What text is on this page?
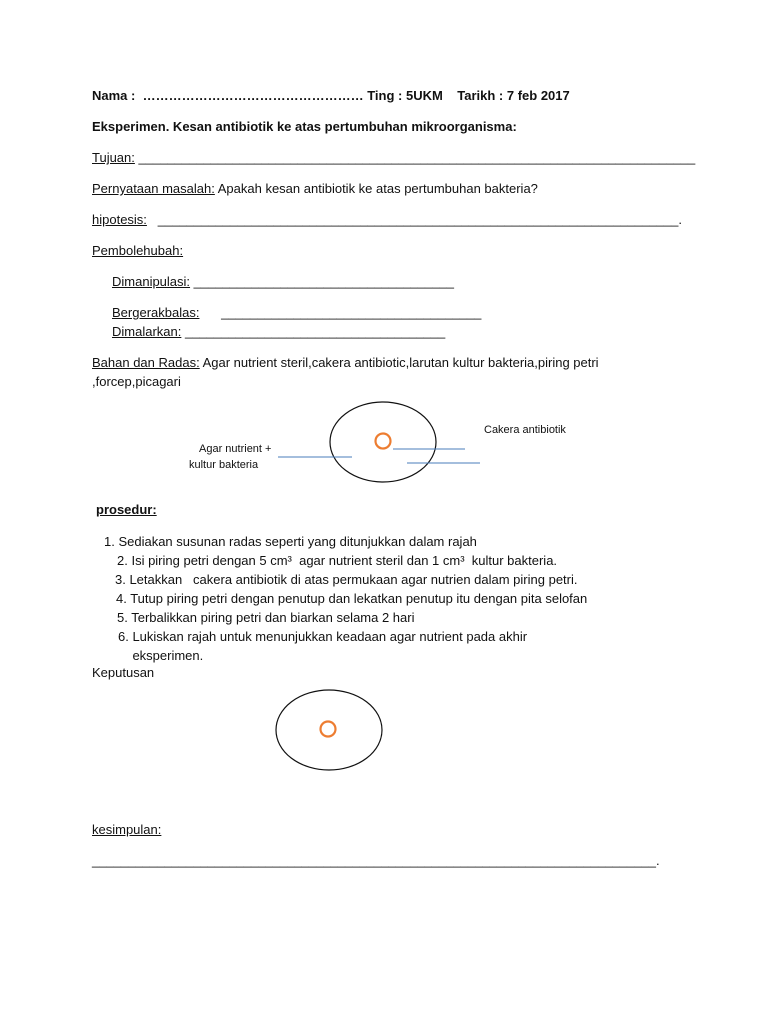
Nama : …………………………………………… Ting : 5UKM Tarikh : 7 feb 2017
Eksperimen. Kesan antibiotik ke atas pertumbuhan mikroorganisma:
Tujuan: _____________________________________________________________________________
Pernyataan masalah: Apakah kesan antibiotik ke atas pertumbuhan bakteria?
hipotesis:   ________________________________________________________________________.
Pembolehubah:
Dimanipulasi: ____________________________________
Bergerakbalas:      ____________________________________
Dimalarkan: ____________________________________
Bahan dan Radas: Agar nutrient steril,cakera antibiotic,larutan kultur bakteria,piring petri
,forcep,picagari
Agar nutrient +
kultur bakteria
Cakera antibiotik
prosedur:
1. Sediakan susunan radas seperti yang ditunjukkan dalam rajah
2. Isi piring petri dengan 5 cm³  agar nutrient steril dan 1 cm³  kultur bakteria.
3. Letakkan   cakera antibiotik di atas permukaan agar nutrien dalam piring petri.
4. Tutup piring petri dengan penutup dan lekatkan penutup itu dengan pita selofan
5. Terbalikkan piring petri dan biarkan selama 2 hari
6. Lukiskan rajah untuk menunjukkan keadaan agar nutrient pada akhir
eksperimen.
Keputusan
kesimpulan:
______________________________________________________________________________.
